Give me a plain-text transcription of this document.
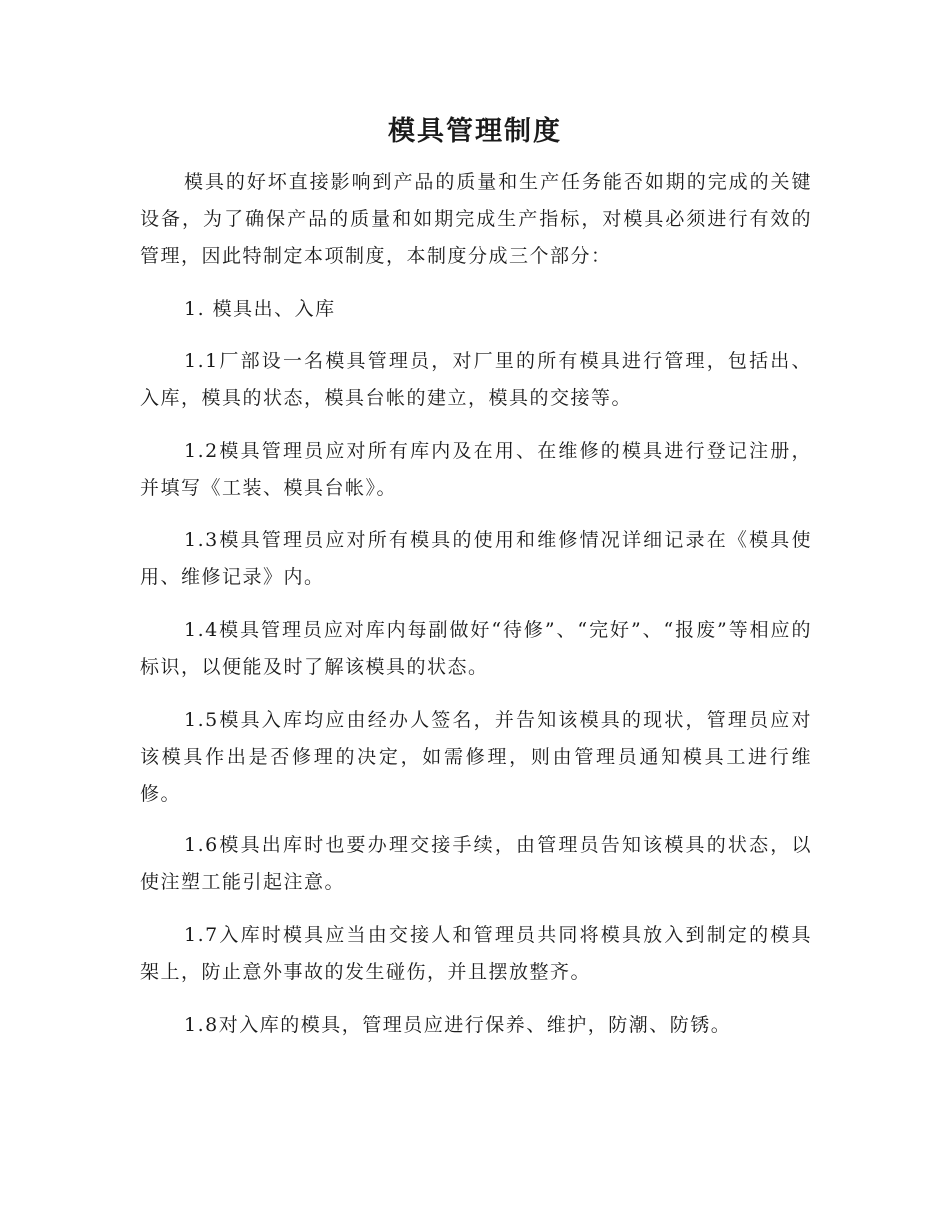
模具管理制度

模具的好坏直接影响到产品的质量和生产任务能否如期的完成的关键设备，为了确保产品的质量和如期完成生产指标，对模具必须进行有效的管理，因此特制定本项制度，本制度分成三个部分：

1. 模具出、入库

1.1厂部设一名模具管理员，对厂里的所有模具进行管理，包括出、入库，模具的状态，模具台帐的建立，模具的交接等。

1.2模具管理员应对所有库内及在用、在维修的模具进行登记注册，并填写《工装、模具台帐》。

1.3模具管理员应对所有模具的使用和维修情况详细记录在《模具使用、维修记录》内。

1.4模具管理员应对库内每副做好“待修”、“完好”、“报废”等相应的标识，以便能及时了解该模具的状态。

1.5模具入库均应由经办人签名，并告知该模具的现状，管理员应对该模具作出是否修理的决定，如需修理，则由管理员通知模具工进行维修。

1.6模具出库时也要办理交接手续，由管理员告知该模具的状态，以使注塑工能引起注意。

1.7入库时模具应当由交接人和管理员共同将模具放入到制定的模具架上，防止意外事故的发生碰伤，并且摆放整齐。

1.8对入库的模具，管理员应进行保养、维护，防潮、防锈。
